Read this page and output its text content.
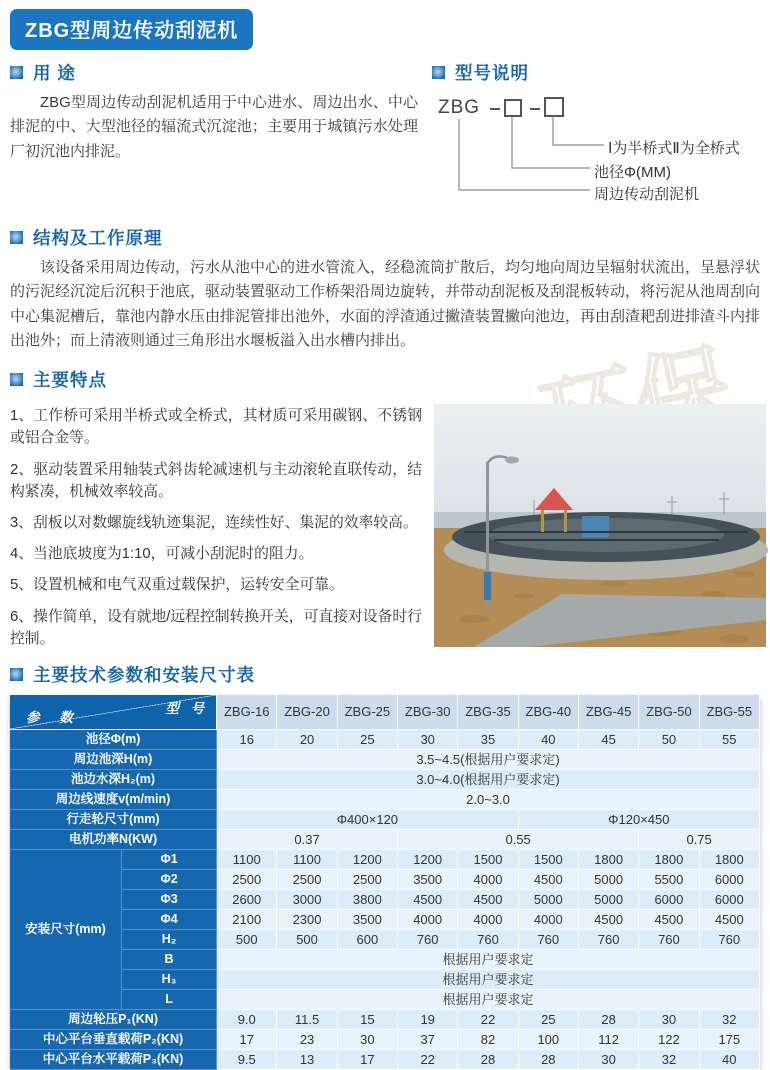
ZBG型周边传动刮泥机
用 途

ZBG型周边传动刮泥机适用于中心进水、周边出水、中心排泥的中、大型池径的辐流式沉淀池；主要用于城镇污水处理厂初沉池内排泥。

型号说明
ZBG
Ⅰ为半桥式Ⅱ为全桥式
池径Φ(MM)
周边传动刮泥机
结构及工作原理

该设备采用周边传动，污水从池中心的进水管流入，经稳流筒扩散后，均匀地向周边呈辐射状流出，呈悬浮状的污泥经沉淀后沉积于池底，驱动装置驱动工作桥架沿周边旋转，并带动刮泥板及刮混板转动，将污泥从池周刮向中心集泥槽后，靠池内静水压由排泥管排出池外，水面的浮渣通过撇渣装置撇向池边，再由刮渣耙刮进排渣斗内排出池外；而上清液则通过三角形出水堰板溢入出水槽内排出。

主要特点

1、工作桥可采用半桥式或全桥式，其材质可采用碳钢、不锈钢或铝合金等。

2、驱动装置采用轴装式斜齿轮减速机与主动滚轮直联传动，结构紧凑，机械效率较高。

3、刮板以对数螺旋线轨迹集泥，连续性好、集泥的效率较高。

4、当池底坡度为1:10，可减小刮泥时的阻力。

5、设置机械和电气双重过载保护，运转安全可靠。

6、操作简单，设有就地/远程控制转换开关，可直接对设备时行控制。

主要技术参数和安装尺寸表
型 号
参 数		ZBG-16	ZBG-20	ZBG-25	ZBG-30	ZBG-35	ZBG-40	ZBG-45	ZBG-50	ZBG-55
池径Φ(m)		16	20	25	30	35	40	45	50	55
周边池深H(m)		3.5~4.5(根据用户要求定)								
池边水深H₂(m)		3.0~4.0(根据用户要求定)								
周边线速度v(m/min)		2.0~3.0								
行走轮尺寸(mm)		Φ400×120					Φ120×450			
电机功率N(KW)		0.37			0.55				0.75	
安装尺寸(mm)	Φ1	1100	1100	1200	1200	1500	1500	1800	1800	1800
	Φ2	2500	2500	2500	3500	4000	4500	5000	5500	6000
	Φ3	2600	3000	3800	4500	4500	5000	5000	6000	6000
	Φ4	2100	2300	3500	4000	4000	4000	4500	4500	4500
	H₂	500	500	600	760	760	760	760	760	760
	B	根据用户要求定								
	H₃	根据用户要求定								
	L	根据用户要求定								
周边轮压P₁(KN)		9.0	11.5	15	19	22	25	28	30	32
中心平台垂直载荷P₂(KN)		17	23	30	37	82	100	112	122	175
中心平台水平载荷P₃(KN)		9.5	13	17	22	28	28	30	32	40
